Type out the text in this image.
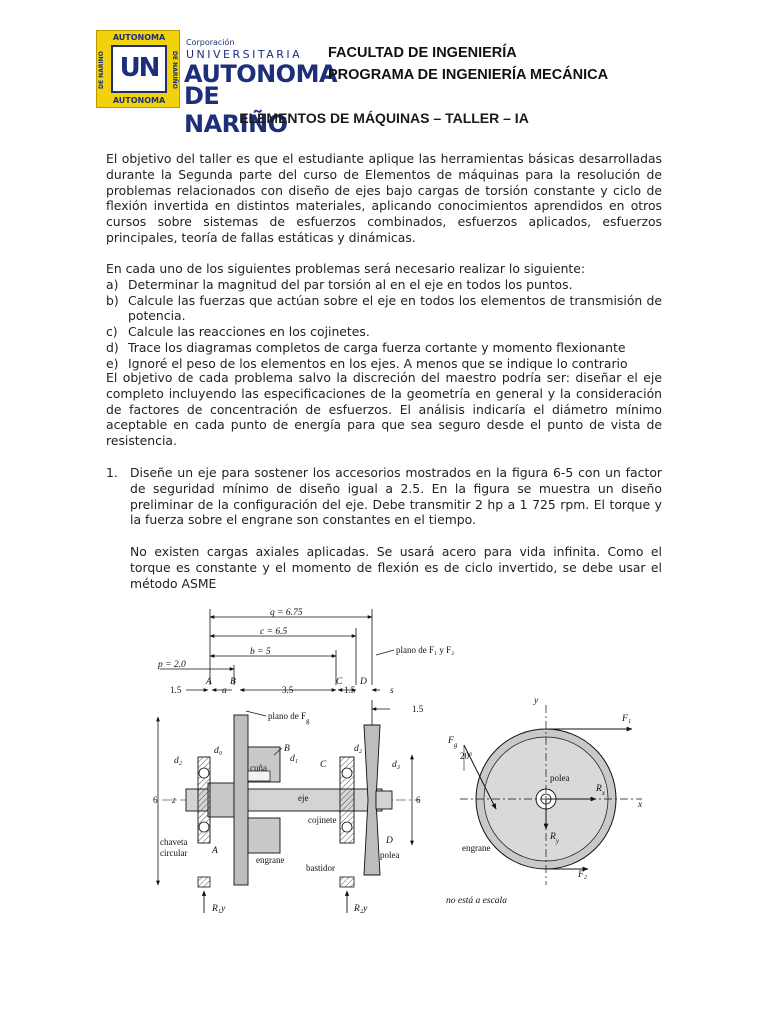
AUTONOMA
DE NARIÑO	DE NARIÑO
UN
AUTONOMA
Corporación
UNIVERSITARIA
AUTONOMA
DE NARIÑO
FACULTAD DE INGENIERÍA
PROGRAMA DE INGENIERÍA MECÁNICA
ELEMENTOS DE MÁQUINAS – TALLER – IA

El objetivo del taller es que el estudiante aplique las herramientas básicas desarrolladas durante la Segunda parte del curso de Elementos de máquinas para la resolución de problemas relacionados con diseño de ejes bajo cargas de torsión constante y ciclo de flexión invertida en distintos materiales, aplicando conocimientos aprendidos en otros cursos sobre sistemas de esfuerzos combinados, esfuerzos aplicados, esfuerzos principales, teoría de fallas estáticas y dinámicas.

En cada uno de los siguientes problemas será necesario realizar lo siguiente:
a) Determinar la magnitud del par torsión al en el eje en todos los puntos.
b) Calcule las fuerzas que actúan sobre el eje en todos los elementos de transmisión de potencia.
c) Calcule las reacciones en los cojinetes.
d) Trace los diagramas completos de carga fuerza cortante y momento flexionante
e) Ignoré el peso de los elementos en los ejes. A menos que se indique lo contrario

El objetivo de cada problema salvo la discreción del maestro podría ser: diseñar el eje completo incluyendo las especificaciones de la geometría en general y la consideración de factores de concentración de esfuerzos. El análisis indicaría el diámetro mínimo aceptable en cada punto de energía para que sea seguro desde el punto de vista de resistencia.

1. Diseñe un eje para sostener los accesorios mostrados en la figura 6-5 con un factor de seguridad mínimo de diseño igual a 2.5. En la figura se muestra un diseño preliminar de la configuración del eje. Debe transmitir 2 hp a 1 725 rpm. El torque y la fuerza sobre el engrane son constantes en el tiempo.

No existen cargas axiales aplicadas. Se usará acero para vida infinita. Como el torque es constante y el momento de flexión es de ciclo invertido, se debe usar el método ASME

q = 6.75
c = 6.5
b = 5
p = 2.0
1.5	a	3.5	1.5	s
1.5
A B	C D
plano de F₁ y F₂
plano de $F_g$
6	6
d₀
d₁
d₂
d₂
d₃
B
cuña
eje
C
z
cojinete
D
polea
chaveta
circular	A
engrane
bastidor
R₁y	R₂y
no está a escala
y
x
F₁
F₂
$F_g$
20°
polea
engrane
$R_x$
$R_y$
